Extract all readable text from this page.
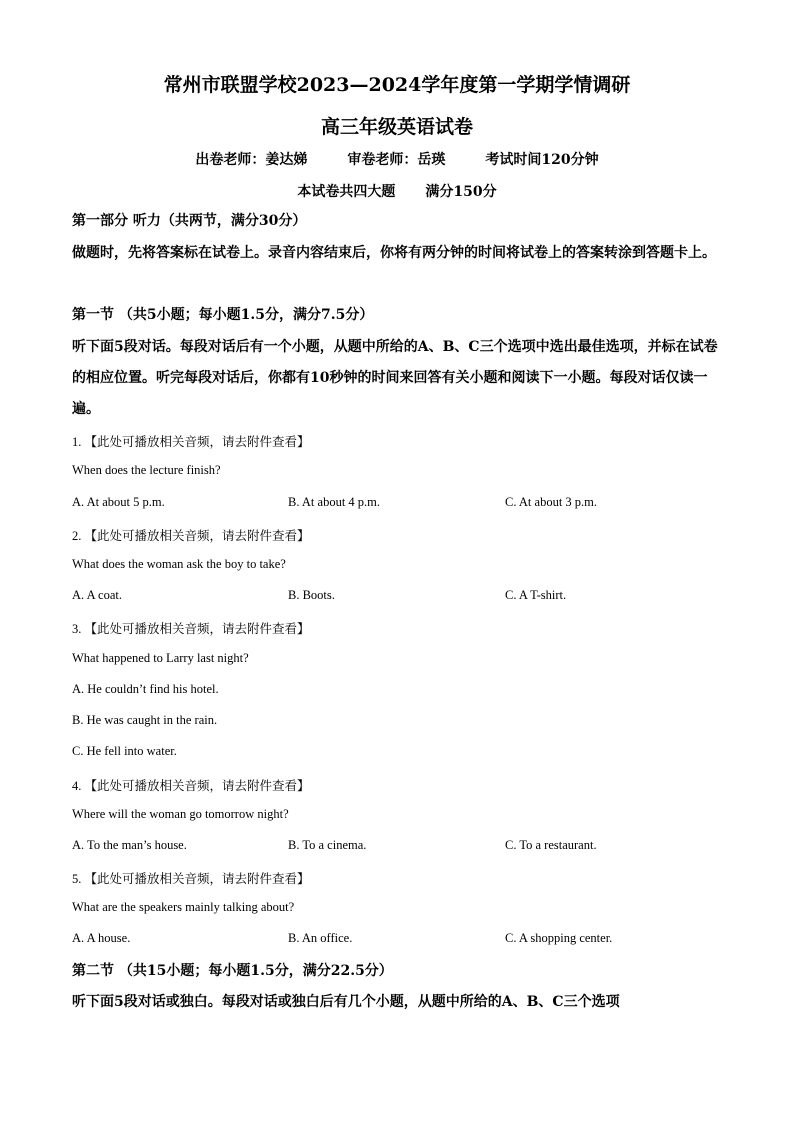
常州市联盟学校2023—2024学年度第一学期学情调研
高三年级英语试卷
出卷老师：姜达娣	审卷老师：岳瑛	考试时间120分钟
本试卷共四大题 满分150分
第一部分 听力（共两节，满分30分）
做题时，先将答案标在试卷上。录音内容结束后，你将有两分钟的时间将试卷上的答案转涂到答题卡上。
第一节 （共5小题；每小题1.5分，满分7.5分）
听下面5段对话。每段对话后有一个小题，从题中所给的A、B、C三个选项中选出最佳选项，并标在试卷的相应位置。听完每段对话后，你都有10秒钟的时间来回答有关小题和阅读下一小题。每段对话仅读一遍。
1. 【此处可播放相关音频，请去附件查看】
When does the lecture finish?
A. At about 5 p.m.	B. At about 4 p.m.	C. At about 3 p.m.
2. 【此处可播放相关音频，请去附件查看】
What does the woman ask the boy to take?
A. A coat.	B. Boots.	C. A T-shirt.
3. 【此处可播放相关音频，请去附件查看】
What happened to Larry last night?
A. He couldn’t find his hotel.
B. He was caught in the rain.
C. He fell into water.
4. 【此处可播放相关音频，请去附件查看】
Where will the woman go tomorrow night?
A. To the man’s house.	B. To a cinema.	C. To a restaurant.
5. 【此处可播放相关音频，请去附件查看】
What are the speakers mainly talking about?
A. A house.	B. An office.	C. A shopping center.
第二节 （共15小题；每小题1.5分，满分22.5分）
听下面5段对话或独白。每段对话或独白后有几个小题，从题中所给的A、B、C三个选项
